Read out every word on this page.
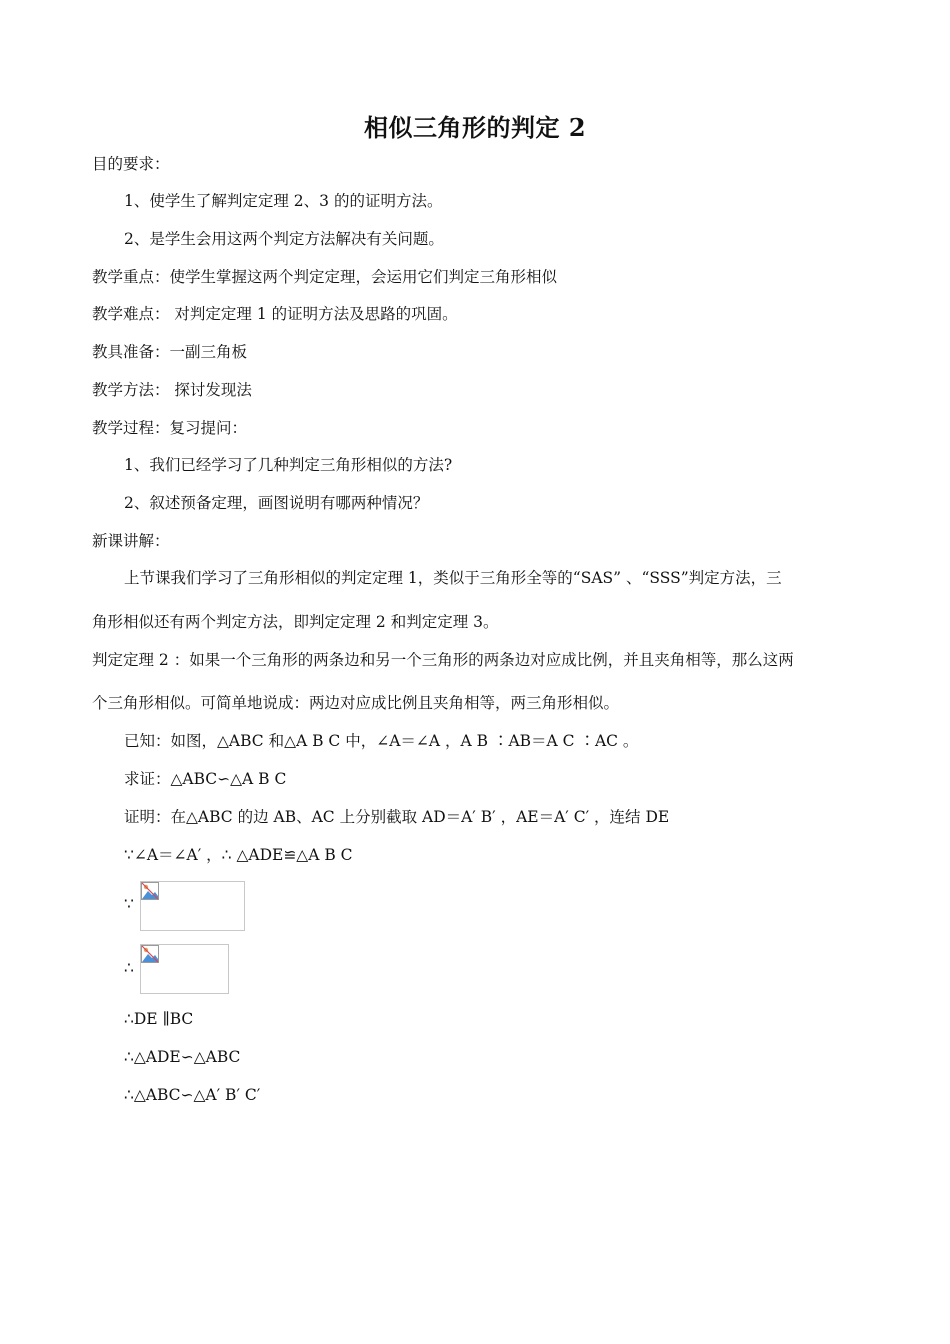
相似三角形的判定 2
目的要求：
1、使学生了解判定定理 2、3 的的证明方法。
2、是学生会用这两个判定方法解决有关问题。
教学重点：使学生掌握这两个判定定理，会运用它们判定三角形相似
教学难点： 对判定定理 1 的证明方法及思路的巩固。
教具准备：一副三角板
教学方法： 探讨发现法
教学过程：复习提问：
1、我们已经学习了几种判定三角形相似的方法?
2、叙述预备定理，画图说明有哪两种情况？
新课讲解：
上节课我们学习了三角形相似的判定定理 1，类似于三角形全等的“SAS” 、“SSS”判定方法，三
角形相似还有两个判定方法，即判定定理 2 和判定定理 3。
判定定理 2 ：如果一个三角形的两条边和另一个三角形的两条边对应成比例，并且夹角相等，那么这两
个三角形相似。可简单地说成：两边对应成比例且夹角相等，两三角形相似。
已知：如图，△ABC 和△A B C 中，∠A＝∠A ，A B ∶AB＝A C ∶AC 。
求证：△ABC∽△A B C
证明：在△ABC 的边 AB、AC 上分别截取 AD＝A′ B′ ，AE＝A′ C′ ，连结 DE
∵∠A＝∠A′ ，∴ △ADE≌△A B C
∵
∴
∴DE ∥BC
∴△ADE∽△ABC
∴△ABC∽△A′ B′ C′
